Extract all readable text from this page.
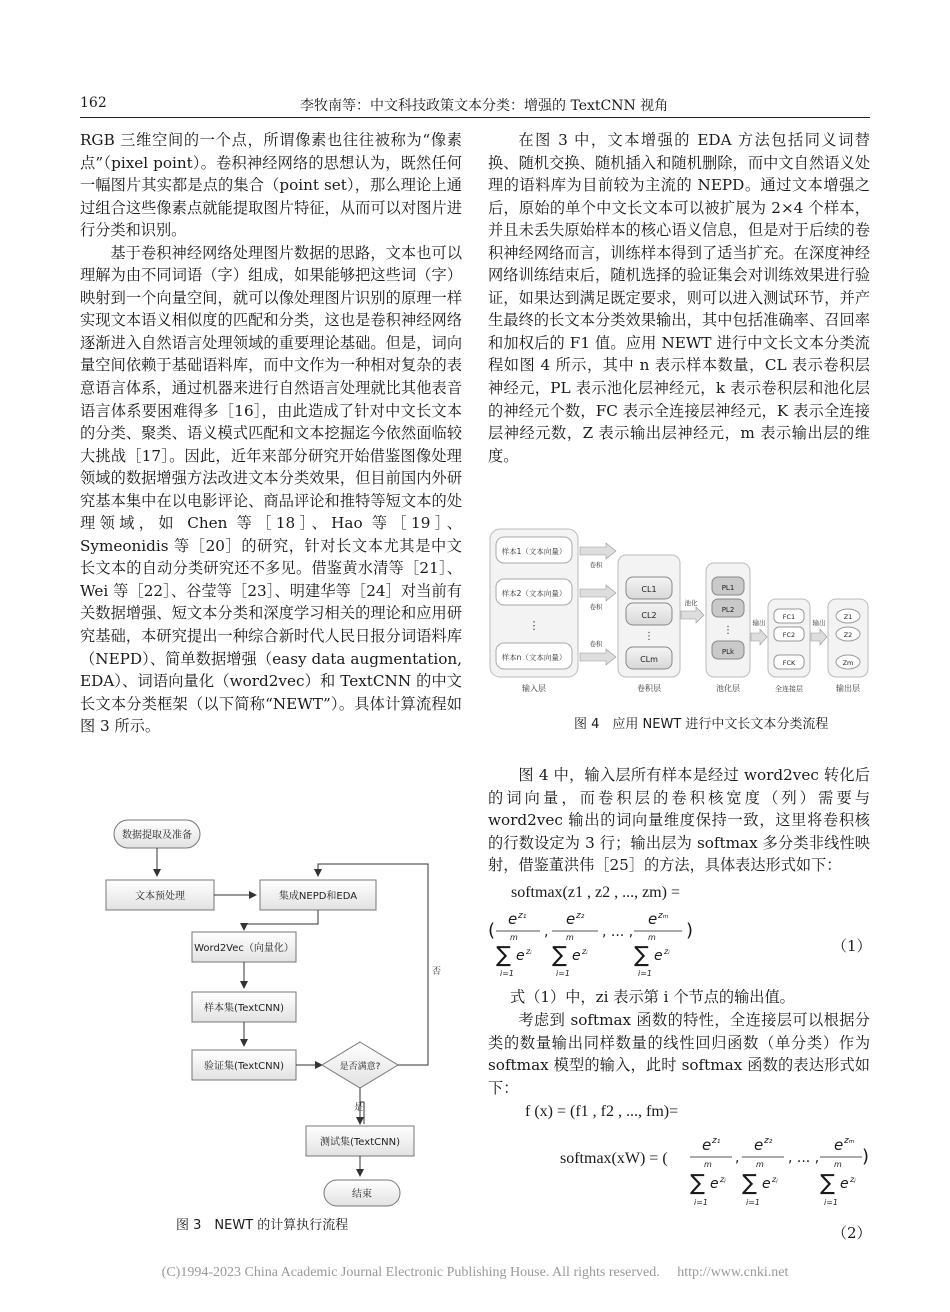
162	李牧南等：中文科技政策文本分类：增强的 TextCNN 视角

RGB 三维空间的一个点，所谓像素也往往被称为“像素点”（pixel point）。卷积神经网络的思想认为，既然任何一幅图片其实都是点的集合（point set），那么理论上通过组合这些像素点就能提取图片特征，从而可以对图片进行分类和识别。

基于卷积神经网络处理图片数据的思路，文本也可以理解为由不同词语（字）组成，如果能够把这些词（字）映射到一个向量空间，就可以像处理图片识别的原理一样实现文本语义相似度的匹配和分类，这也是卷积神经网络逐渐进入自然语言处理领域的重要理论基础。但是，词向量空间依赖于基础语料库，而中文作为一种相对复杂的表意语言体系，通过机器来进行自然语言处理就比其他表音语言体系要困难得多［16］，由此造成了针对中文长文本的分类、聚类、语义模式匹配和文本挖掘迄今依然面临较大挑战［17］。因此，近年来部分研究开始借鉴图像处理领域的数据增强方法改进文本分类效果，但目前国内外研究基本集中在以电影评论、商品评论和推特等短文本的处理领域，如 Chen 等［18］、Hao 等［19］、Symeonidis 等［20］的研究，针对长文本尤其是中文长文本的自动分类研究还不多见。借鉴黄水清等［21］、Wei 等［22］、谷莹等［23］、明建华等［24］对当前有关数据增强、短文本分类和深度学习相关的理论和应用研究基础，本研究提出一种综合新时代人民日报分词语料库（NEPD）、简单数据增强（easy data augmentation, EDA）、词语向量化（word2vec）和 TextCNN 的中文长文本分类框架（以下简称“NEWT”）。具体计算流程如图 3 所示。

在图 3 中，文本增强的 EDA 方法包括同义词替换、随机交换、随机插入和随机删除，而中文自然语义处理的语料库为目前较为主流的 NEPD。通过文本增强之后，原始的单个中文长文本可以被扩展为 2×4 个样本，并且未丢失原始样本的核心语义信息，但是对于后续的卷积神经网络而言，训练样本得到了适当扩充。在深度神经网络训练结束后，随机选择的验证集会对训练效果进行验证，如果达到满足既定要求，则可以进入测试环节，并产生最终的长文本分类效果输出，其中包括准确率、召回率和加权后的 F1 值。应用 NEWT 进行中文长文本分类流程如图 4 所示，其中 n 表示样本数量，CL 表示卷积层神经元，PL 表示池化层神经元，k 表示卷积层和池化层的神经元个数，FC 表示全连接层神经元，K 表示全连接层神经元数，Z 表示输出层神经元，m 表示输出层的维度。

样本1（文本向量）
样本2（文本向量）
⋮
样本n（文本向量）
输入层
卷积
卷积
卷积
CL1
CL2
⋮
CLm
卷积层
池化
PL1
PL2
⋮
PLk
池化层
输出
FC1
FC2
FCK
全连接层
输出
Z1
Z2
Zm
输出层
图 4　应用 NEWT 进行中文长文本分类流程

图 4 中，输入层所有样本是经过 word2vec 转化后的词向量，而卷积层的卷积核宽度（列）需要与 word2vec 输出的词向量维度保持一致，这里将卷积核的行数设定为 3 行；输出层为 softmax 多分类非线性映射，借鉴董洪伟［25］的方法，具体表达形式如下：

softmax(z1 , z2 , ..., zm) =
(
e z₁
m
∑ e zᵢ
i=1
,
e z₂
m
∑ e zᵢ
i=1
, ... ,
e zₘ
m
∑ e zᵢ
i=1
)
（1）

式（1）中，zi 表示第 i 个节点的输出值。

考虑到 softmax 函数的特性，全连接层可以根据分类的数量输出同样数量的线性回归函数（单分类）作为 softmax 模型的输入，此时 softmax 函数的表达形式如下：

f (x) = (f1 , f2 , ..., fm)=
softmax(xW) = (
e z₁
m
∑ e zⱼ
i=1
,
e z₂
m
∑ e zⱼ
i=1
, ... ,
e zₘ
m
∑ e zⱼ
i=1
)
（2）
数据提取及准备
文本预处理	集成NEPD和EDA
Word2Vec（向量化）
样本集(TextCNN)
验证集(TextCNN)	是否满意?
否
是
测试集(TextCNN)
结束
图 3　NEWT 的计算执行流程
(C)1994-2023 China Academic Journal Electronic Publishing House. All rights reserved. http://www.cnki.net
